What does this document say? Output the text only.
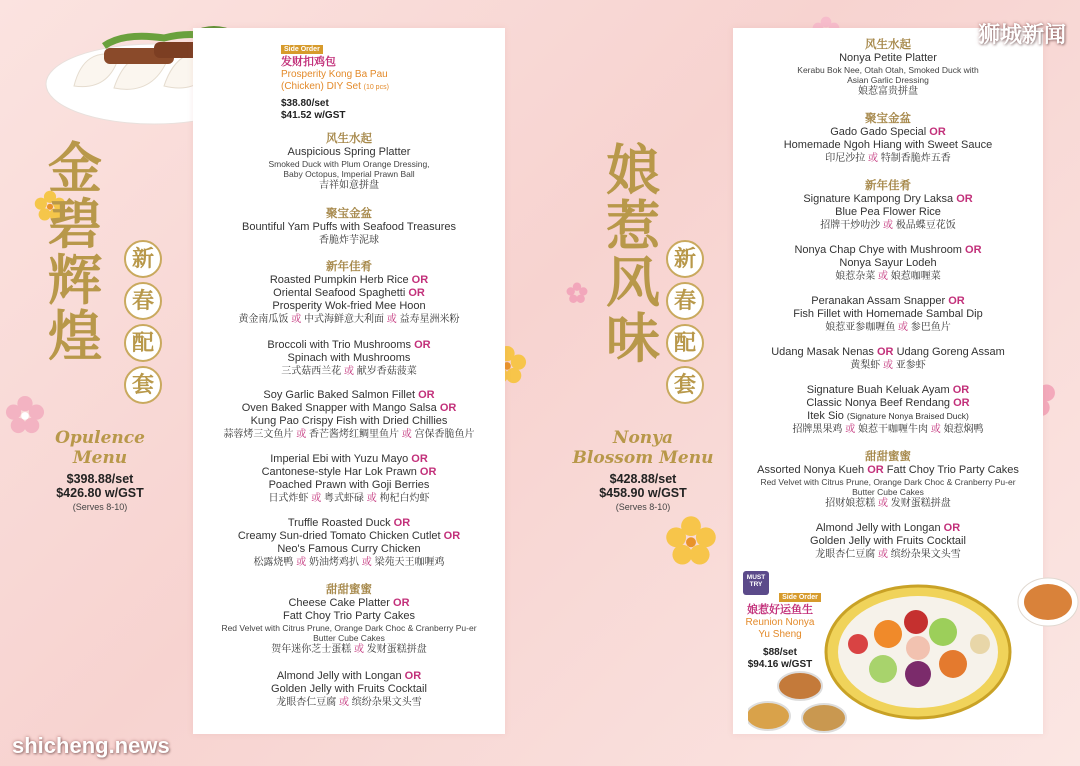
金
碧
辉
煌
新
春
配
套
Opulence
Menu
$398.88/set
$426.80 w/GST
(Serves 8-10)
Side Order
发财扣鸡包
Prosperity Kong Ba Pau
(Chicken) DIY Set (10 pcs)
$38.80/set
$41.52 w/GST
风生水起
Auspicious Spring Platter
Smoked Duck with Plum Orange Dressing,
Baby Octopus, Imperial Prawn Ball
吉祥如意拼盘
聚宝金盆
Bountiful Yam Puffs with Seafood Treasures
香脆炸芋泥球
新年佳肴
Roasted Pumpkin Herb Rice OR
Oriental Seafood Spaghetti OR
Prosperity Wok-fried Mee Hoon
黄金南瓜饭 或 中式海鲜意大利面 或 益寿星洲米粉
Broccoli with Trio Mushrooms OR
Spinach with Mushrooms
三式菇西兰花 或 献岁香菇菠菜
Soy Garlic Baked Salmon Fillet OR
Oven Baked Snapper with Mango Salsa OR
Kung Pao Crispy Fish with Dried Chillies
蒜蓉烤三文鱼片 或 香芒酱烤红鲷里鱼片 或 宫保香脆鱼片
Imperial Ebi with Yuzu Mayo OR
Cantonese-style Har Lok Prawn OR
Poached Prawn with Goji Berries
日式炸虾 或 粤式虾碌 或 枸杞白灼虾
Truffle Roasted Duck OR
Creamy Sun-dried Tomato Chicken Cutlet OR
Neo's Famous Curry Chicken
松露烧鸭 或 奶油烤鸡扒 或 梁苑天王咖喱鸡
甜甜蜜蜜
Cheese Cake Platter OR
Fatt Choy Trio Party Cakes
Red Velvet with Citrus Prune, Orange Dark Choc & Cranberry Pu-er
Butter Cube Cakes
贺年迷你芝士蛋糕 或 发财蛋糕拼盘
Almond Jelly with Longan OR
Golden Jelly with Fruits Cocktail
龙眼杏仁豆腐 或 缤纷杂果文头雪
娘
惹
风
味
新
春
配
套
Nonya
Blossom Menu
$428.88/set
$458.90 w/GST
(Serves 8-10)
风生水起
Nonya Petite Platter
Kerabu Bok Nee, Otah Otah, Smoked Duck with
Asian Garlic Dressing
娘惹富贵拼盘
聚宝金盆
Gado Gado Special OR
Homemade Ngoh Hiang with Sweet Sauce
印尼沙拉 或 特制香脆炸五香
新年佳肴
Signature Kampong Dry Laksa OR
Blue Pea Flower Rice
招牌干炒叻沙 或 极品蝶豆花饭
Nonya Chap Chye with Mushroom OR
Nonya Sayur Lodeh
娘惹杂菜 或 娘惹咖喱菜
Peranakan Assam Snapper OR
Fish Fillet with Homemade Sambal Dip
娘惹亚参咖喱鱼 或 参巴鱼片
Udang Masak Nenas OR Udang Goreng Assam
黄梨虾 或 亚参虾
Signature Buah Keluak Ayam OR
Classic Nonya Beef Rendang OR
Itek Sio (Signature Nonya Braised Duck)
招牌黑果鸡 或 娘惹干咖喱牛肉 或 娘惹焖鸭
甜甜蜜蜜
Assorted Nonya Kueh OR Fatt Choy Trio Party Cakes
Red Velvet with Citrus Prune, Orange Dark Choc & Cranberry Pu-er
Butter Cube Cakes
招财娘惹糕 或 发财蛋糕拼盘
Almond Jelly with Longan OR
Golden Jelly with Fruits Cocktail
龙眼杏仁豆腐 或 缤纷杂果文头雪
MUST TRY
Side Order
娘惹好运鱼生
Reunion Nonya
Yu Sheng
$88/set
$94.16 w/GST
狮城新闻
shicheng.news
